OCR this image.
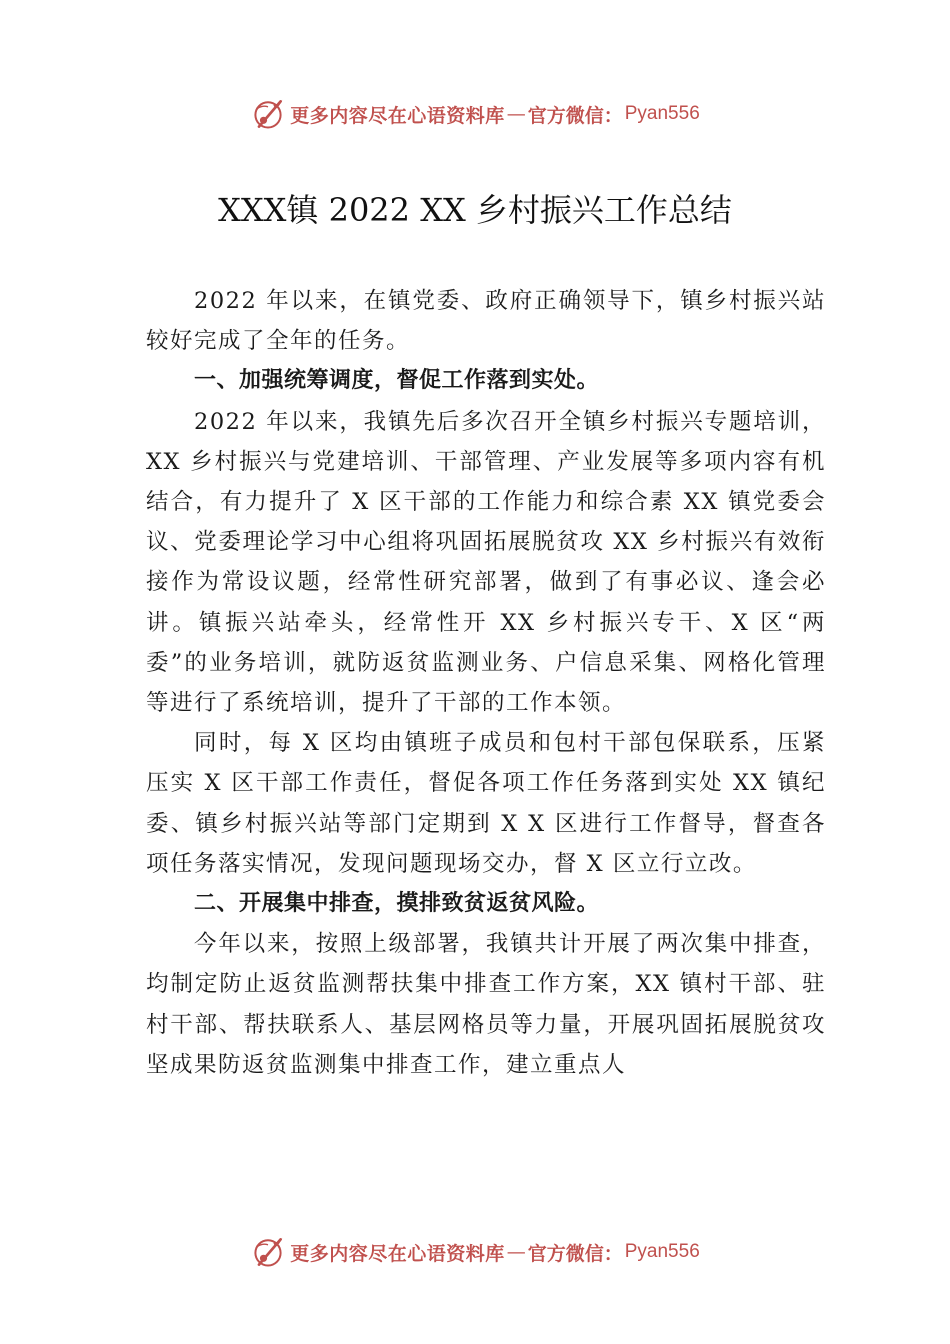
更多内容尽在心语资料库 — 官方微信： Pyan556
XXX镇 2022 XX 乡村振兴工作总结

2022 年以来，在镇党委、政府正确领导下，镇乡村振兴站较好完成了全年的任务。

一、加强统筹调度，督促工作落到实处。

2022 年以来，我镇先后多次召开全镇乡村振兴专题培训，XX 乡村振兴与党建培训、干部管理、产业发展等多项内容有机结合，有力提升了 X 区干部的工作能力和综合素 XX 镇党委会议、党委理论学习中心组将巩固拓展脱贫攻 XX 乡村振兴有效衔接作为常设议题，经常性研究部署，做到了有事必议、逢会必讲。镇振兴站牵头，经常性开 XX 乡村振兴专干、X 区“两委”的业务培训，就防返贫监测业务、户信息采集、网格化管理等进行了系统培训，提升了干部的工作本领。

同时，每 X 区均由镇班子成员和包村干部包保联系，压紧压实 X 区干部工作责任，督促各项工作任务落到实处 XX 镇纪委、镇乡村振兴站等部门定期到 X X 区进行工作督导，督查各项任务落实情况，发现问题现场交办，督 X 区立行立改。

二、开展集中排查，摸排致贫返贫风险。

今年以来，按照上级部署，我镇共计开展了两次集中排查，均制定防止返贫监测帮扶集中排查工作方案，XX 镇村干部、驻村干部、帮扶联系人、基层网格员等力量，开展巩固拓展脱贫攻坚成果防返贫监测集中排查工作，建立重点人

更多内容尽在心语资料库 — 官方微信： Pyan556
